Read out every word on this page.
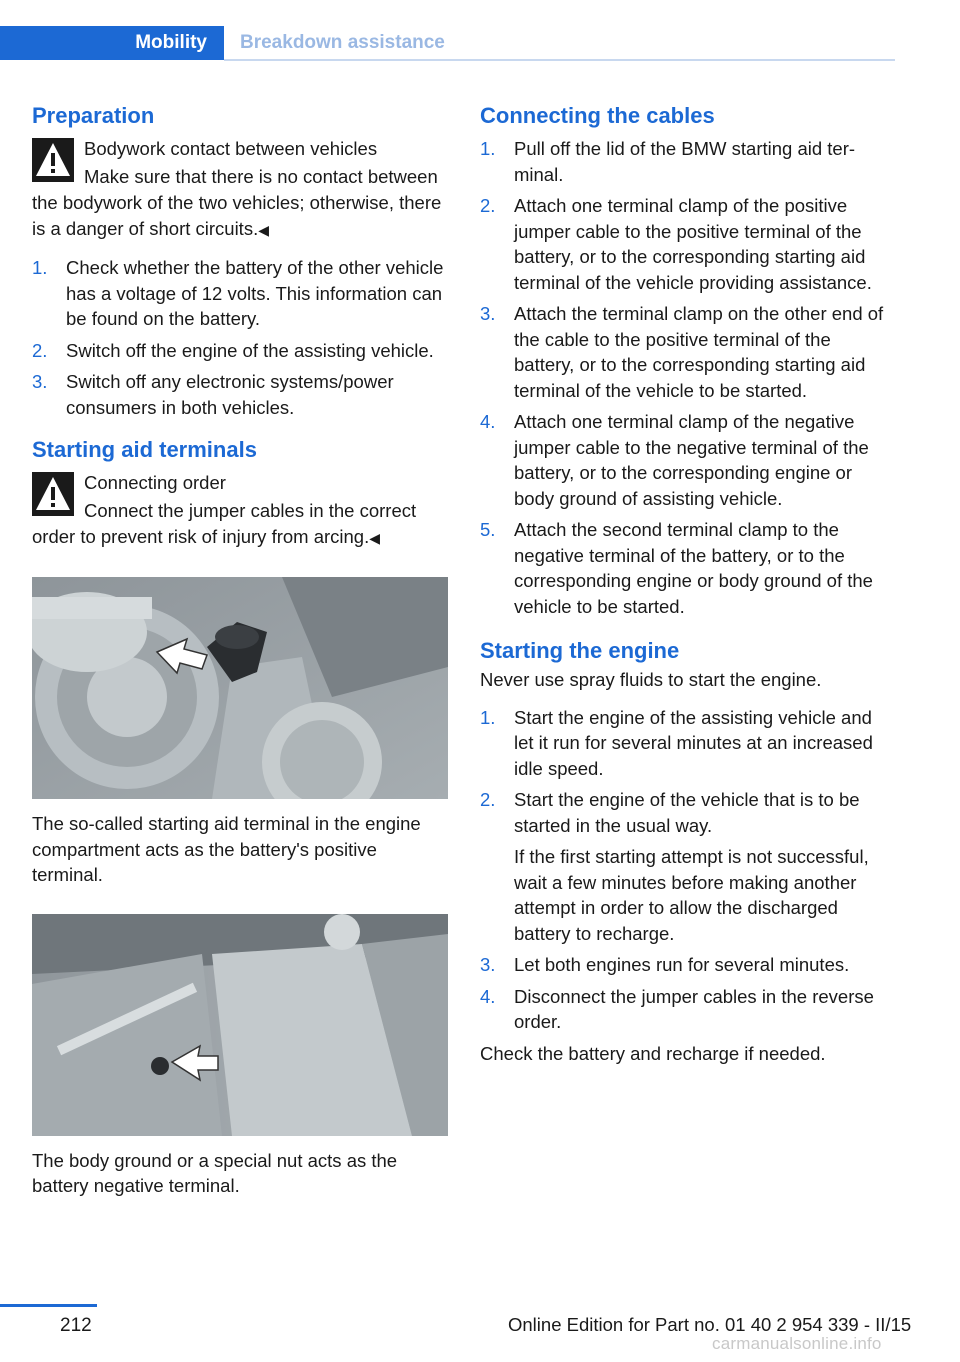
Mobility	Breakdown assistance
Preparation

Bodywork contact between vehicles

Make sure that there is no contact between the bodywork of the two vehicles; otherwise, there is a danger of short circuits.◀

1. Check whether the battery of the other vehicle has a voltage of 12 volts. This information can be found on the battery.
2. Switch off the engine of the assisting vehicle.
3. Switch off any electronic systems/power consumers in both vehicles.
Starting aid terminals

Connecting order

Connect the jumper cables in the correct order to prevent risk of injury from arcing.◀

The so-called starting aid terminal in the engine compartment acts as the battery's positive terminal.

The body ground or a special nut acts as the battery negative terminal.

Connecting the cables
1. Pull off the lid of the BMW starting aid terminal.
2. Attach one terminal clamp of the positive jumper cable to the positive terminal of the battery, or to the corresponding starting aid terminal of the vehicle providing assistance.
3. Attach the terminal clamp on the other end of the cable to the positive terminal of the battery, or to the corresponding starting aid terminal of the vehicle to be started.
4. Attach one terminal clamp of the negative jumper cable to the negative terminal of the battery, or to the corresponding engine or body ground of assisting vehicle.
5. Attach the second terminal clamp to the negative terminal of the battery, or to the corresponding engine or body ground of the vehicle to be started.
Starting the engine

Never use spray fluids to start the engine.

1. Start the engine of the assisting vehicle and let it run for several minutes at an increased idle speed.
2. Start the engine of the vehicle that is to be started in the usual way.
If the first starting attempt is not successful, wait a few minutes before making another attempt in order to allow the discharged battery to recharge.
3. Let both engines run for several minutes.
4. Disconnect the jumper cables in the reverse order.

Check the battery and recharge if needed.

212	Online Edition for Part no. 01 40 2 954 339 - II/15
carmanualsonline.info
